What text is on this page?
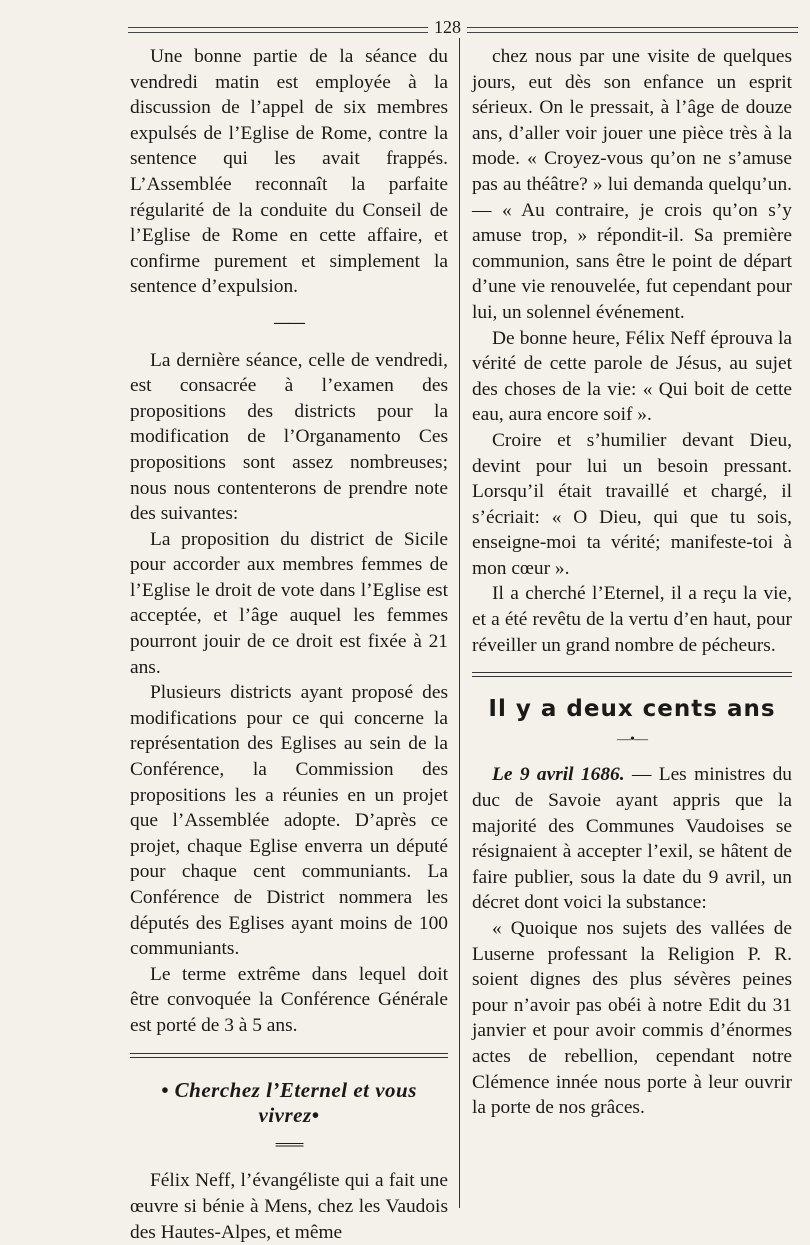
128

Une bonne partie de la séance du vendredi matin est employée à la discussion de l’appel de six membres expulsés de l’Eglise de Rome, contre la sentence qui les avait frappés. L’Assemblée reconnaît la parfaite régularité de la conduite du Conseil de l’Eglise de Rome en cette affaire, et confirme purement et simplement la sentence d’expulsion.

——

La dernière séance, celle de vendredi, est consacrée à l’examen des propositions des districts pour la modification de l’Organamento Ces propositions sont assez nombreuses; nous nous contenterons de prendre note des suivantes:

La proposition du district de Sicile pour accorder aux membres femmes de l’Eglise le droit de vote dans l’Eglise est acceptée, et l’âge auquel les femmes pourront jouir de ce droit est fixée à 21 ans.

Plusieurs districts ayant proposé des modifications pour ce qui concerne la représentation des Eglises au sein de la Conférence, la Commission des propositions les a réunies en un projet que l’Assemblée adopte. D’après ce projet, chaque Eglise enverra un député pour chaque cent communiants. La Conférence de District nommera les députés des Eglises ayant moins de 100 communiants.

Le terme extrême dans lequel doit être convoquée la Conférence Générale est porté de 3 à 5 ans.

• Cherchez l’Eternel et vous vivrez•
═══

Félix Neff, l’évangéliste qui a fait une œuvre si bénie à Mens, chez les Vaudois des Hautes-Alpes, et même

chez nous par une visite de quelques jours, eut dès son enfance un esprit sérieux. On le pressait, à l’âge de douze ans, d’aller voir jouer une pièce très à la mode. « Croyez-vous qu’on ne s’amuse pas au théâtre? » lui demanda quelqu’un. — « Au contraire, je crois qu’on s’y amuse trop, » répondit-il. Sa première communion, sans être le point de départ d’une vie renouvelée, fut cependant pour lui, un solennel événement.

De bonne heure, Félix Neff éprouva la vérité de cette parole de Jésus, au sujet des choses de la vie: « Qui boit de cette eau, aura encore soif ».

Croire et s’humilier devant Dieu, devint pour lui un besoin pressant. Lorsqu’il était travaillé et chargé, il s’écriait: « O Dieu, qui que tu sois, enseigne-moi ta vérité; manifeste-toi à mon cœur ».

Il a cherché l’Eternel, il a reçu la vie, et a été revêtu de la vertu d’en haut, pour réveiller un grand nombre de pécheurs.

Il y a deux cents ans
—•—

Le 9 avril 1686. — Les ministres du duc de Savoie ayant appris que la majorité des Communes Vaudoises se résignaient à accepter l’exil, se hâtent de faire publier, sous la date du 9 avril, un décret dont voici la substance:

« Quoique nos sujets des vallées de Luserne professant la Religion P. R. soient dignes des plus sévères peines pour n’avoir pas obéi à notre Edit du 31 janvier et pour avoir commis d’énormes actes de rebellion, cependant notre Clémence innée nous porte à leur ouvrir la porte de nos grâces.
